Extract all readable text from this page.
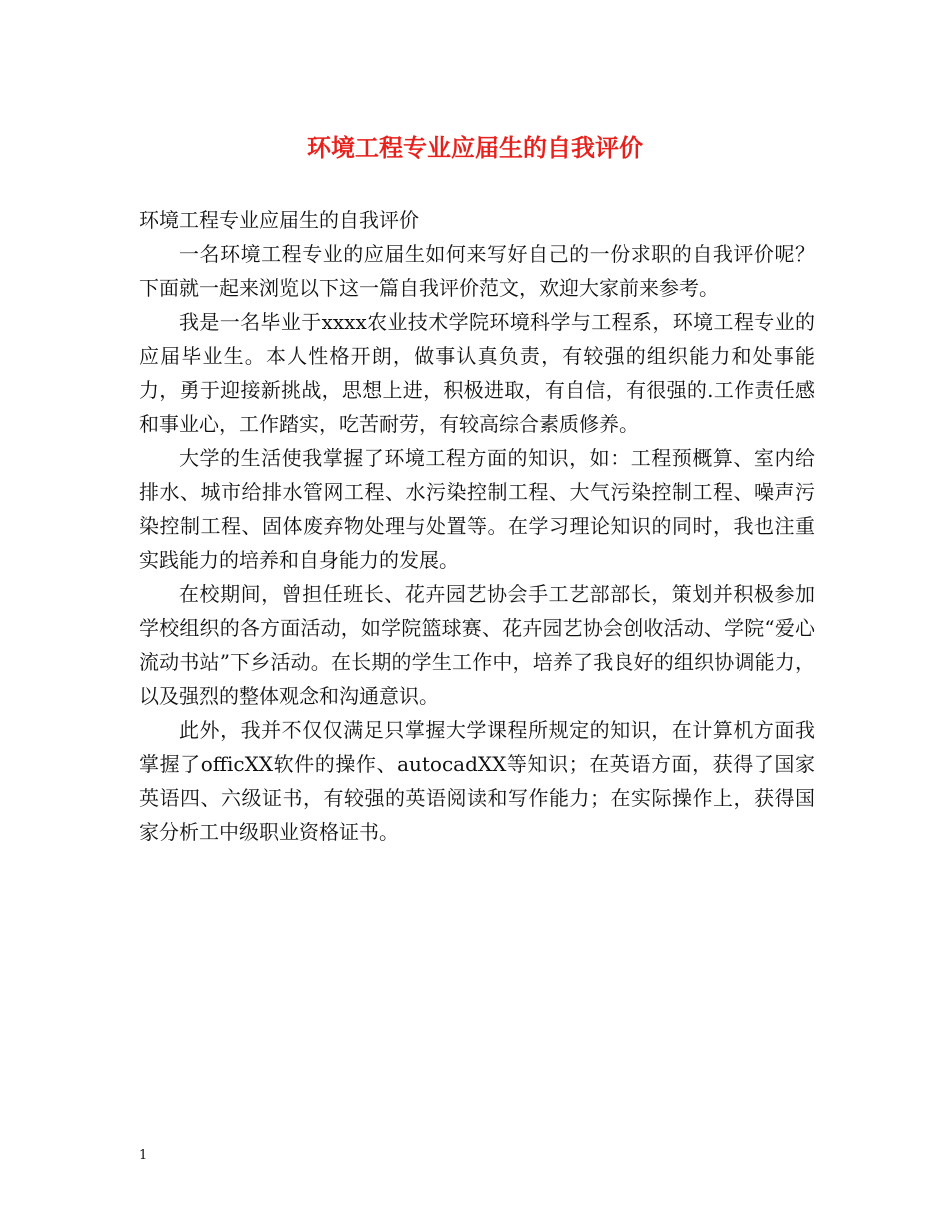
环境工程专业应届生的自我评价

环境工程专业应届生的自我评价

一名环境工程专业的应届生如何来写好自己的一份求职的自我评价呢？下面就一起来浏览以下这一篇自我评价范文，欢迎大家前来参考。

我是一名毕业于xxxx农业技术学院环境科学与工程系，环境工程专业的应届毕业生。本人性格开朗，做事认真负责，有较强的组织能力和处事能力，勇于迎接新挑战，思想上进，积极进取，有自信，有很强的.工作责任感和事业心，工作踏实，吃苦耐劳，有较高综合素质修养。

大学的生活使我掌握了环境工程方面的知识，如：工程预概算、室内给排水、城市给排水管网工程、水污染控制工程、大气污染控制工程、噪声污染控制工程、固体废弃物处理与处置等。在学习理论知识的同时，我也注重实践能力的培养和自身能力的发展。

在校期间，曾担任班长、花卉园艺协会手工艺部部长，策划并积极参加学校组织的各方面活动，如学院篮球赛、花卉园艺协会创收活动、学院“爱心流动书站”下乡活动。在长期的学生工作中，培养了我良好的组织协调能力，以及强烈的整体观念和沟通意识。

此外，我并不仅仅满足只掌握大学课程所规定的知识，在计算机方面我掌握了officXX软件的操作、autocadXX等知识；在英语方面，获得了国家英语四、六级证书，有较强的英语阅读和写作能力；在实际操作上，获得国家分析工中级职业资格证书。

1
